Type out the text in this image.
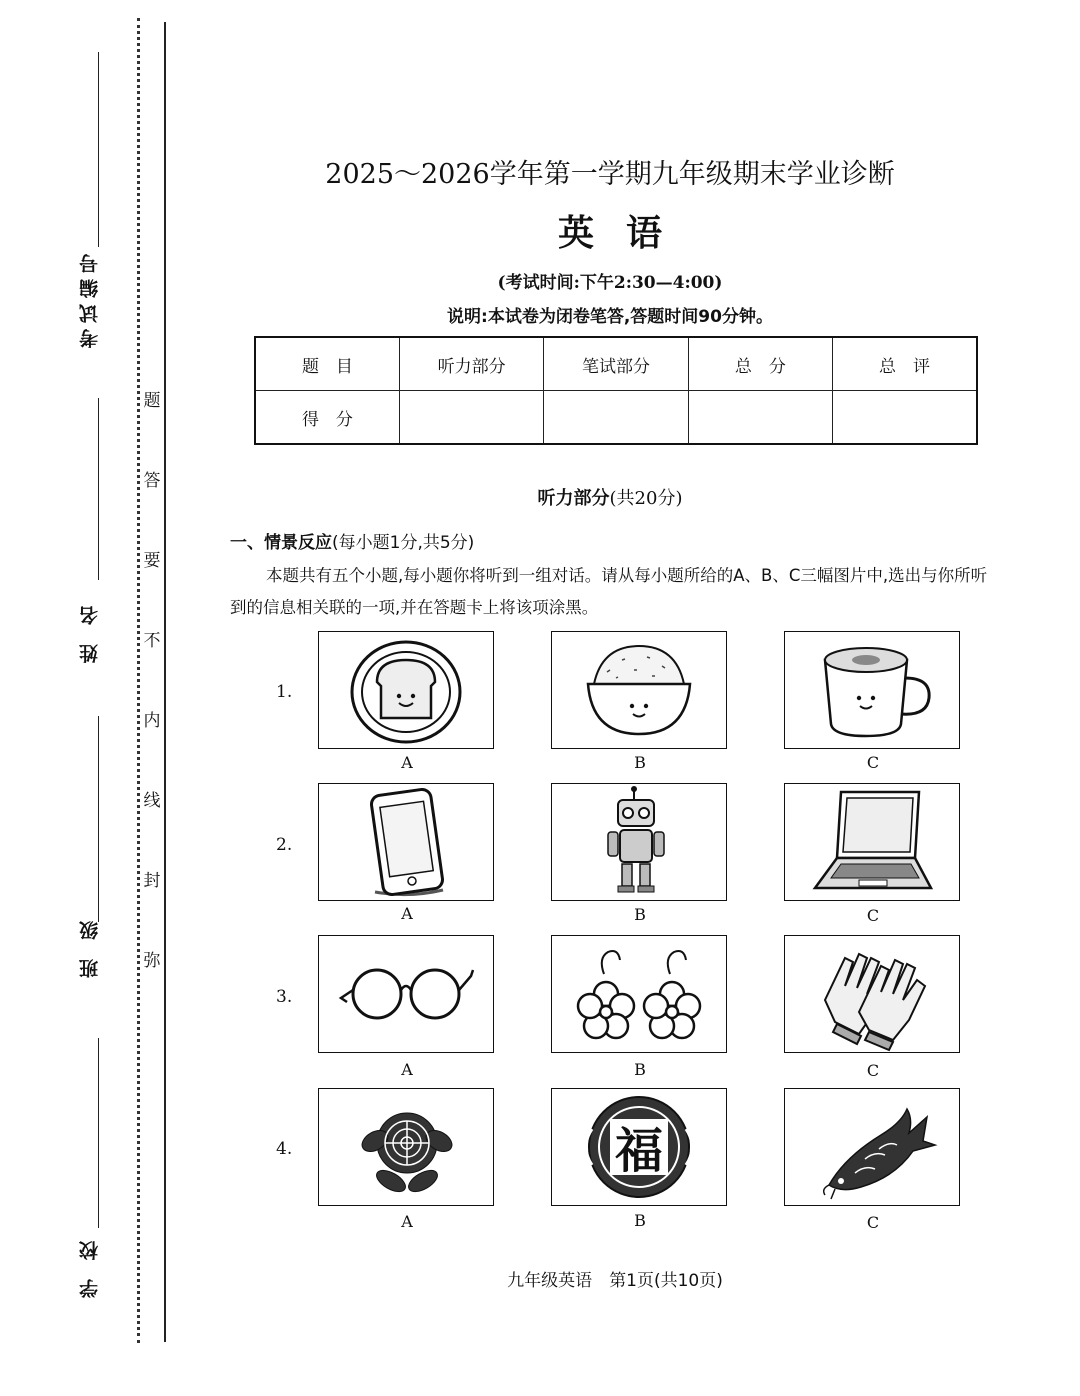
考试编号
姓 名
班 级
学 校
题
答
要
不
内
线
封
弥
2025～2026学年第一学期九年级期末学业诊断
英语
(考试时间:下午2:30—4:00)
说明:本试卷为闭卷笔答,答题时间90分钟。
题　目	听力部分	笔试部分	总　分	总　评
得　分				
听力部分(共20分)
一、情景反应(每小题1分,共5分)
本题共有五个小题,每小题你将听到一组对话。请从每小题所给的A、B、C三幅图片中,选出与你所听到的信息相关联的一项,并在答题卡上将该项涂黑。
1.
A	B	C
2.
A	B	C
3.
A	B	C
4.	福
A	B	C
九年级英语　第1页(共10页)
